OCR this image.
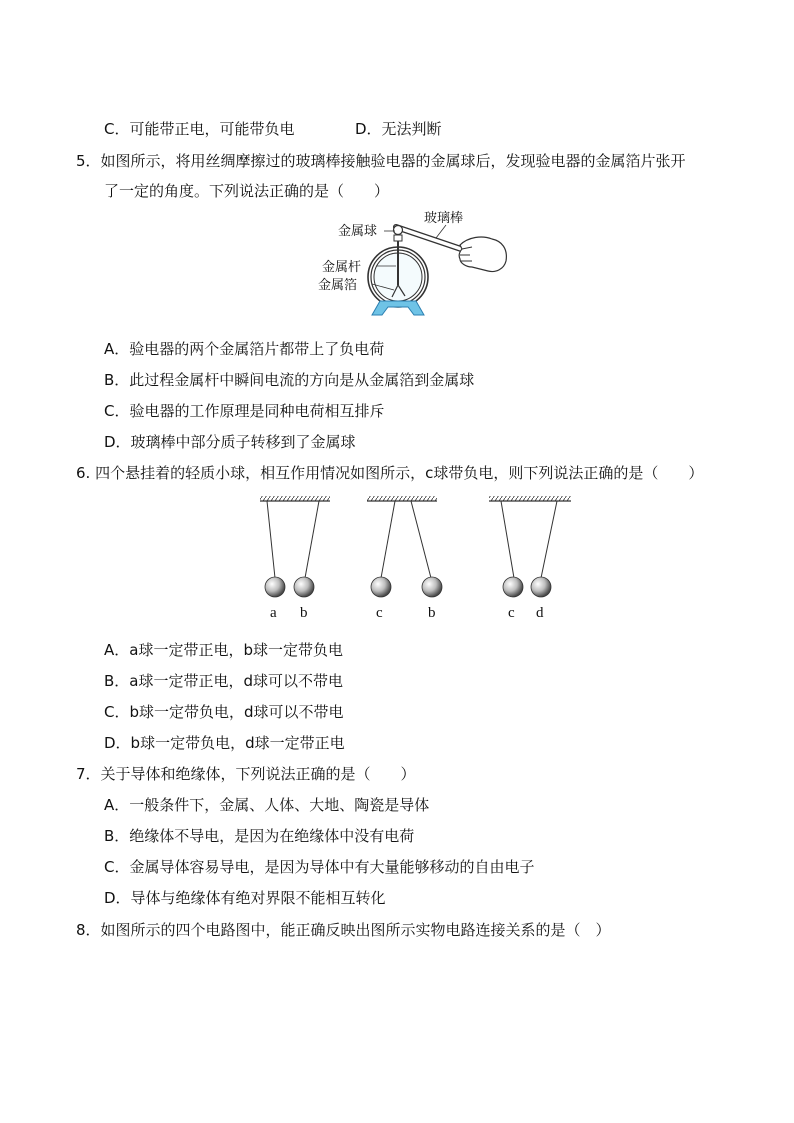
C．可能带正电，可能带负电	D．无法判断
5．如图所示，将用丝绸摩擦过的玻璃棒接触验电器的金属球后，发现验电器的金属箔片张开
了一定的角度。下列说法正确的是（　　）
金属球
玻璃棒
金属杆
金属箔
A．验电器的两个金属箔片都带上了负电荷
B．此过程金属杆中瞬间电流的方向是从金属箔到金属球
C．验电器的工作原理是同种电荷相互排斥
D．玻璃棒中部分质子转移到了金属球
6. 四个悬挂着的轻质小球，相互作用情况如图所示，c球带负电，则下列说法正确的是（　　）
a b	c	b	c d
A．a球一定带正电，b球一定带负电
B．a球一定带正电，d球可以不带电
C．b球一定带负电，d球可以不带电
D．b球一定带负电，d球一定带正电
7．关于导体和绝缘体，下列说法正确的是（　　）
A．一般条件下，金属、人体、大地、陶瓷是导体
B．绝缘体不导电，是因为在绝缘体中没有电荷
C．金属导体容易导电，是因为导体中有大量能够移动的自由电子
D．导体与绝缘体有绝对界限不能相互转化
8．如图所示的四个电路图中，能正确反映出图所示实物电路连接关系的是（　）
